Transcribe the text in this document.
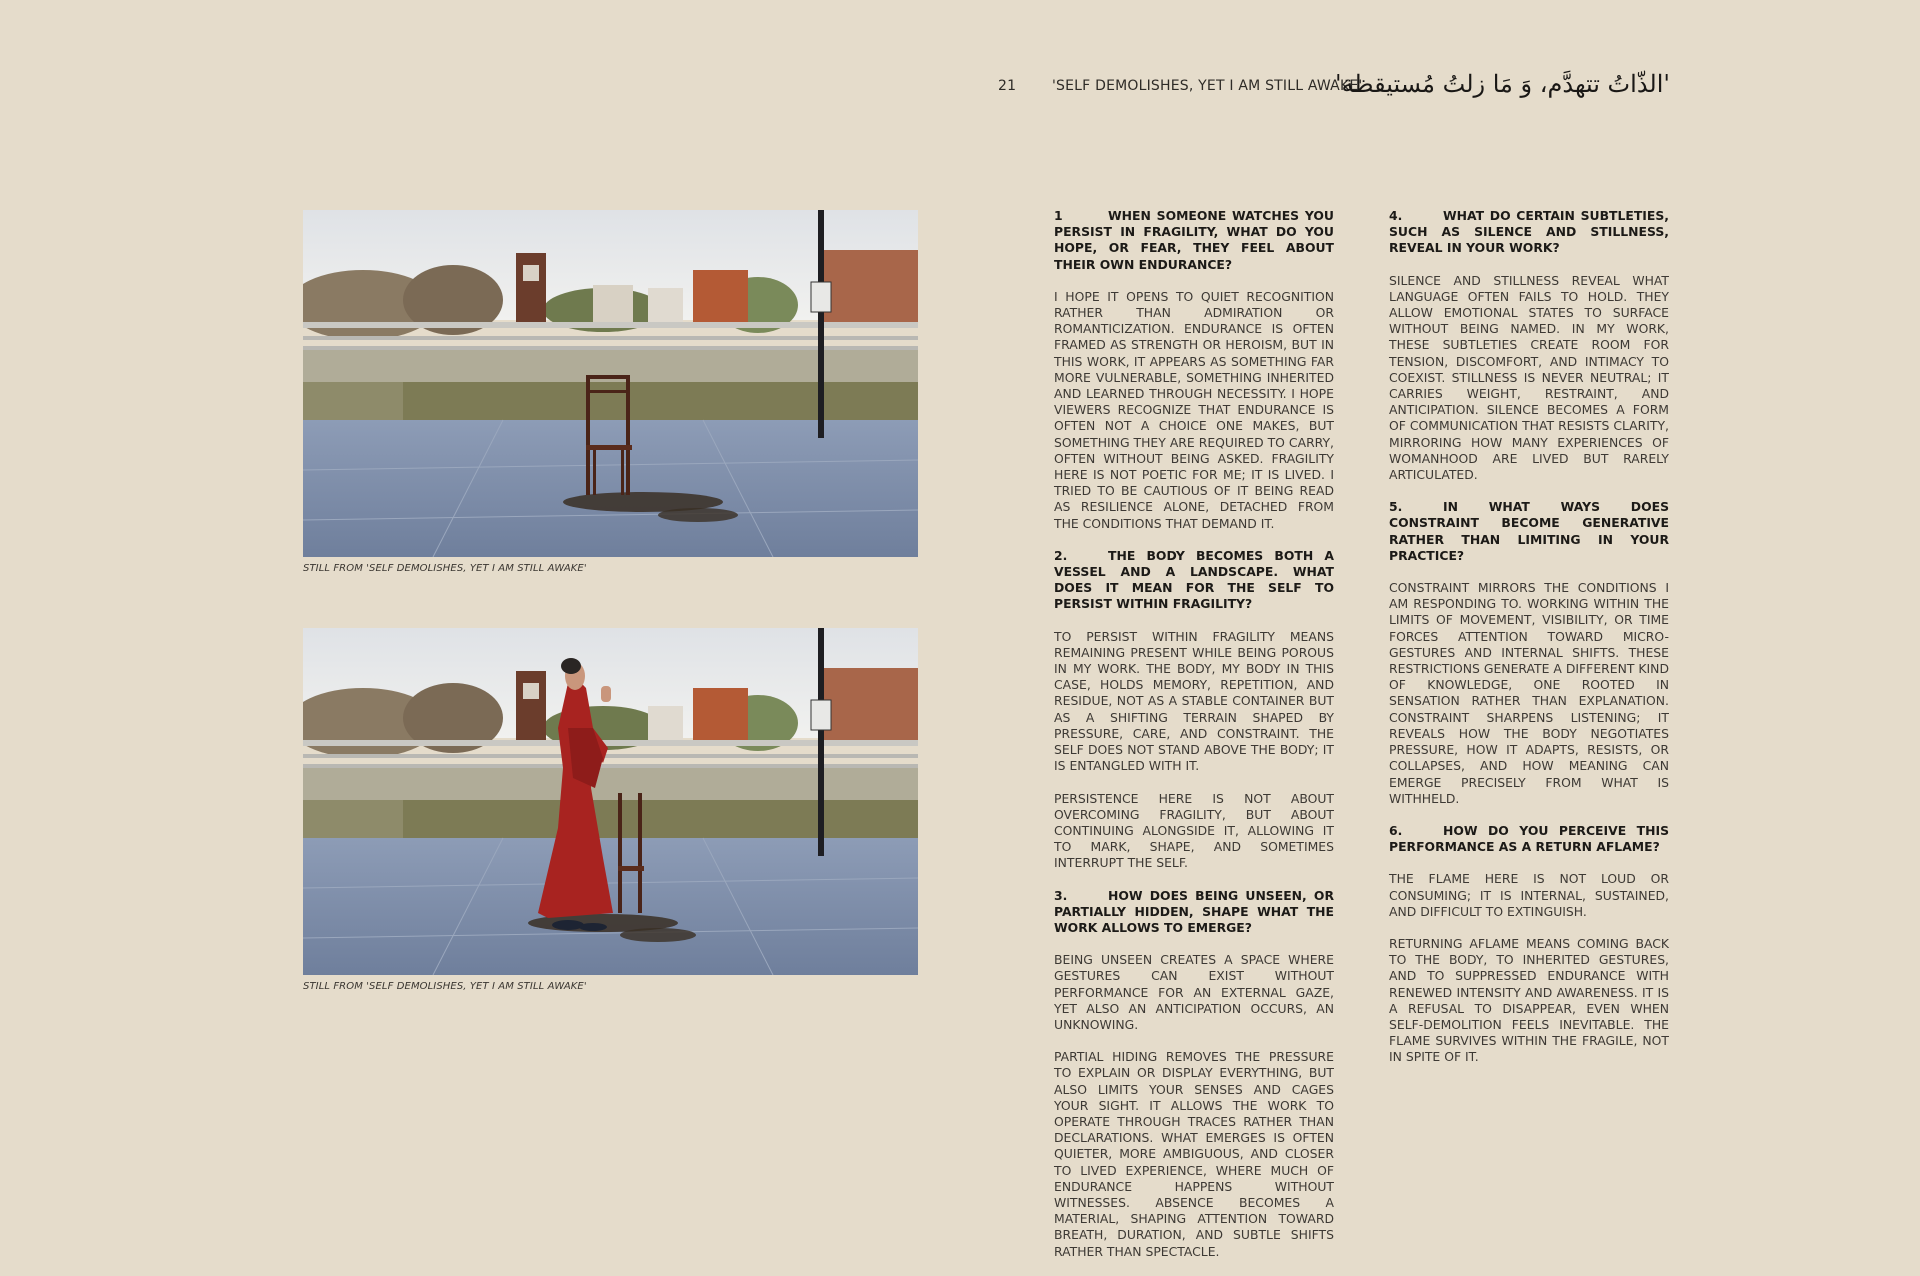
21	'SELF DEMOLISHES, YET I AM STILL AWAKE'
'الذّاتُ تتهدَّم، وَ مَا زلتُ مُستيقظة'
STILL FROM 'SELF DEMOLISHES, YET I AM STILL AWAKE'
STILL FROM 'SELF DEMOLISHES, YET I AM STILL AWAKE'
1	WHEN SOMEONE WATCHES YOU PERSIST IN FRAGILITY, WHAT DO YOU HOPE, OR FEAR, THEY FEEL ABOUT THEIR OWN ENDURANCE?

I HOPE IT OPENS TO QUIET RECOGNITION RATHER THAN ADMIRATION OR ROMANTICIZATION. ENDURANCE IS OFTEN FRAMED AS STRENGTH OR HEROISM, BUT IN THIS WORK, IT APPEARS AS SOMETHING FAR MORE VULNERABLE, SOMETHING INHERITED AND LEARNED THROUGH NECESSITY. I HOPE VIEWERS RECOGNIZE THAT ENDURANCE IS OFTEN NOT A CHOICE ONE MAKES, BUT SOMETHING THEY ARE REQUIRED TO CARRY, OFTEN WITHOUT BEING ASKED. FRAGILITY HERE IS NOT POETIC FOR ME; IT IS LIVED. I TRIED TO BE CAUTIOUS OF IT BEING READ AS RESILIENCE ALONE, DETACHED FROM THE CONDITIONS THAT DEMAND IT.

2.	THE BODY BECOMES BOTH A VESSEL AND A LANDSCAPE. WHAT DOES IT MEAN FOR THE SELF TO PERSIST WITHIN FRAGILITY?

TO PERSIST WITHIN FRAGILITY MEANS REMAINING PRESENT WHILE BEING POROUS IN MY WORK. THE BODY, MY BODY IN THIS CASE, HOLDS MEMORY, REPETITION, AND RESIDUE, NOT AS A STABLE CONTAINER BUT AS A SHIFTING TERRAIN SHAPED BY PRESSURE, CARE, AND CONSTRAINT. THE SELF DOES NOT STAND ABOVE THE BODY; IT IS ENTANGLED WITH IT.

PERSISTENCE HERE IS NOT ABOUT OVERCOMING FRAGILITY, BUT ABOUT CONTINUING ALONGSIDE IT, ALLOWING IT TO MARK, SHAPE, AND SOMETIMES INTERRUPT THE SELF.

3.	HOW DOES BEING UNSEEN, OR PARTIALLY HIDDEN, SHAPE WHAT THE WORK ALLOWS TO EMERGE?

BEING UNSEEN CREATES A SPACE WHERE GESTURES CAN EXIST WITHOUT PERFORMANCE FOR AN EXTERNAL GAZE, YET ALSO AN ANTICIPATION OCCURS, AN UNKNOWING.

PARTIAL HIDING REMOVES THE PRESSURE TO EXPLAIN OR DISPLAY EVERYTHING, BUT ALSO LIMITS YOUR SENSES AND CAGES YOUR SIGHT. IT ALLOWS THE WORK TO OPERATE THROUGH TRACES RATHER THAN DECLARATIONS. WHAT EMERGES IS OFTEN QUIETER, MORE AMBIGUOUS, AND CLOSER TO LIVED EXPERIENCE, WHERE MUCH OF ENDURANCE HAPPENS WITHOUT WITNESSES. ABSENCE BECOMES A MATERIAL, SHAPING ATTENTION TOWARD BREATH, DURATION, AND SUBTLE SHIFTS RATHER THAN SPECTACLE.

4.	WHAT DO CERTAIN SUBTLETIES, SUCH AS SILENCE AND STILLNESS, REVEAL IN YOUR WORK?

SILENCE AND STILLNESS REVEAL WHAT LANGUAGE OFTEN FAILS TO HOLD. THEY ALLOW EMOTIONAL STATES TO SURFACE WITHOUT BEING NAMED. IN MY WORK, THESE SUBTLETIES CREATE ROOM FOR TENSION, DISCOMFORT, AND INTIMACY TO COEXIST. STILLNESS IS NEVER NEUTRAL; IT CARRIES WEIGHT, RESTRAINT, AND ANTICIPATION. SILENCE BECOMES A FORM OF COMMUNICATION THAT RESISTS CLARITY, MIRRORING HOW MANY EXPERIENCES OF WOMANHOOD ARE LIVED BUT RARELY ARTICULATED.

5.	IN WHAT WAYS DOES CONSTRAINT BECOME GENERATIVE RATHER THAN LIMITING IN YOUR PRACTICE?

CONSTRAINT MIRRORS THE CONDITIONS I AM RESPONDING TO. WORKING WITHIN THE LIMITS OF MOVEMENT, VISIBILITY, OR TIME FORCES ATTENTION TOWARD MICRO-GESTURES AND INTERNAL SHIFTS. THESE RESTRICTIONS GENERATE A DIFFERENT KIND OF KNOWLEDGE, ONE ROOTED IN SENSATION RATHER THAN EXPLANATION. CONSTRAINT SHARPENS LISTENING; IT REVEALS HOW THE BODY NEGOTIATES PRESSURE, HOW IT ADAPTS, RESISTS, OR COLLAPSES, AND HOW MEANING CAN EMERGE PRECISELY FROM WHAT IS WITHHELD.

6.	HOW DO YOU PERCEIVE THIS PERFORMANCE AS A RETURN AFLAME?

THE FLAME HERE IS NOT LOUD OR CONSUMING; IT IS INTERNAL, SUSTAINED, AND DIFFICULT TO EXTINGUISH.

RETURNING AFLAME MEANS COMING BACK TO THE BODY, TO INHERITED GESTURES, AND TO SUPPRESSED ENDURANCE WITH RENEWED INTENSITY AND AWARENESS. IT IS A REFUSAL TO DISAPPEAR, EVEN WHEN SELF-DEMOLITION FEELS INEVITABLE. THE FLAME SURVIVES WITHIN THE FRAGILE, NOT IN SPITE OF IT.
